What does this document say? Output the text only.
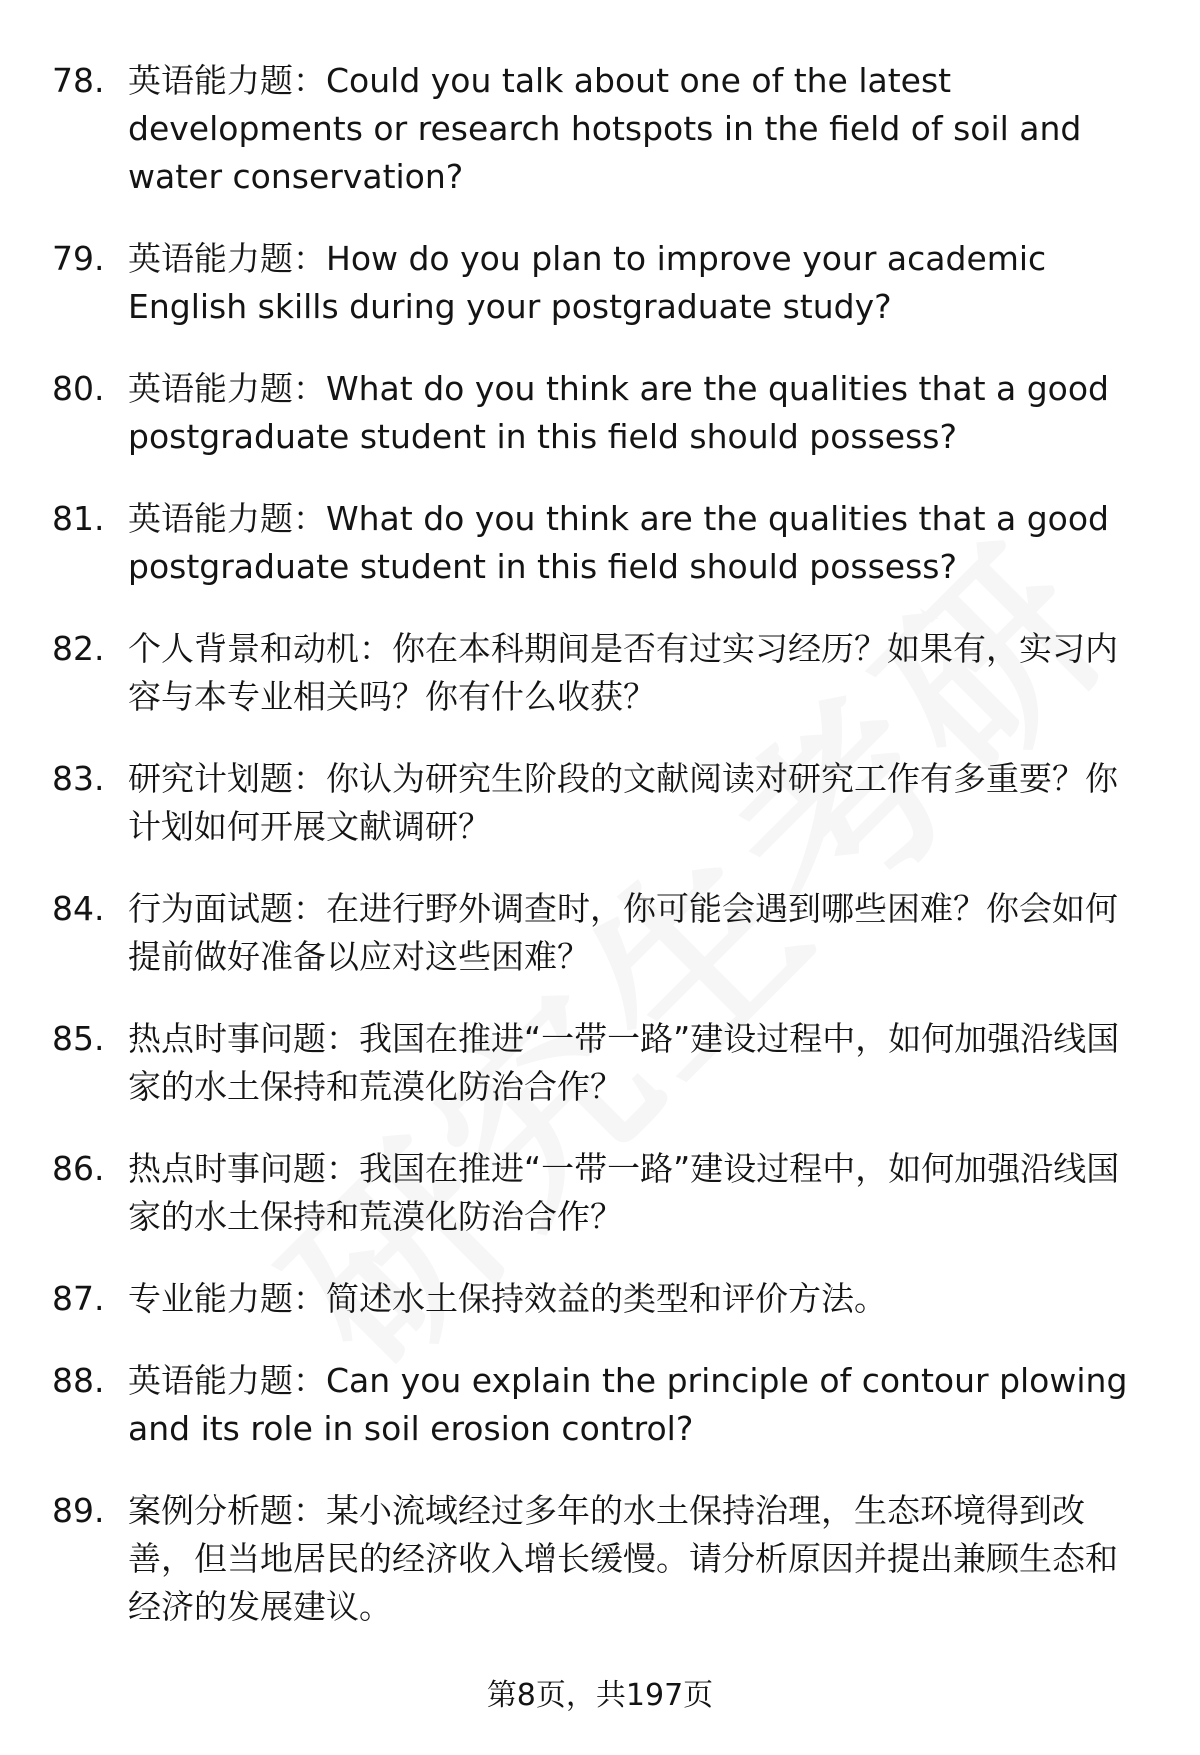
78. 英语能力题：Could you talk about one of the latest developments or research hotspots in the field of soil and water conservation?
79. 英语能力题：How do you plan to improve your academic English skills during your postgraduate study?
80. 英语能力题：What do you think are the qualities that a good postgraduate student in this field should possess?
81. 英语能力题：What do you think are the qualities that a good postgraduate student in this field should possess?
82. 个人背景和动机：你在本科期间是否有过实习经历？如果有，实习内容与本专业相关吗？你有什么收获？
83. 研究计划题：你认为研究生阶段的文献阅读对研究工作有多重要？你计划如何开展文献调研？
84. 行为面试题：在进行野外调查时，你可能会遇到哪些困难？你会如何提前做好准备以应对这些困难？
85. 热点时事问题：我国在推进“一带一路”建设过程中，如何加强沿线国家的水土保持和荒漠化防治合作？
86. 热点时事问题：我国在推进“一带一路”建设过程中，如何加强沿线国家的水土保持和荒漠化防治合作？
87. 专业能力题：简述水土保持效益的类型和评价方法。
88. 英语能力题：Can you explain the principle of contour plowing and its role in soil erosion control?
89. 案例分析题：某小流域经过多年的水土保持治理，生态环境得到改善，但当地居民的经济收入增长缓慢。请分析原因并提出兼顾生态和经济的发展建议。
第8页，共197页
